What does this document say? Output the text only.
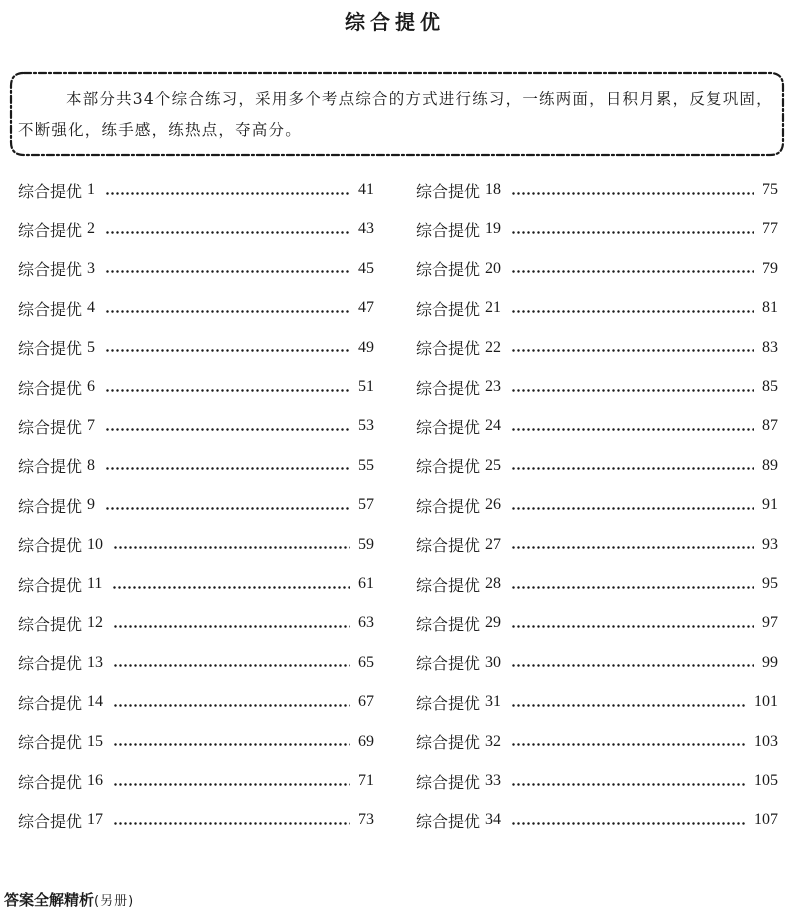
综合提优
本部分共34个综合练习，采用多个考点综合的方式进行练习，一练两面，日积月累，反复巩固，不断强化，练手感，练热点，夺高分。
综合提优 1	41
综合提优 2	43
综合提优 3	45
综合提优 4	47
综合提优 5	49
综合提优 6	51
综合提优 7	53
综合提优 8	55
综合提优 9	57
综合提优 10	59
综合提优 11	61
综合提优 12	63
综合提优 13	65
综合提优 14	67
综合提优 15	69
综合提优 16	71
综合提优 17	73
综合提优 18	75
综合提优 19	77
综合提优 20	79
综合提优 21	81
综合提优 22	83
综合提优 23	85
综合提优 24	87
综合提优 25	89
综合提优 26	91
综合提优 27	93
综合提优 28	95
综合提优 29	97
综合提优 30	99
综合提优 31	101
综合提优 32	103
综合提优 33	105
综合提优 34	107
答案全解精析(另册)
